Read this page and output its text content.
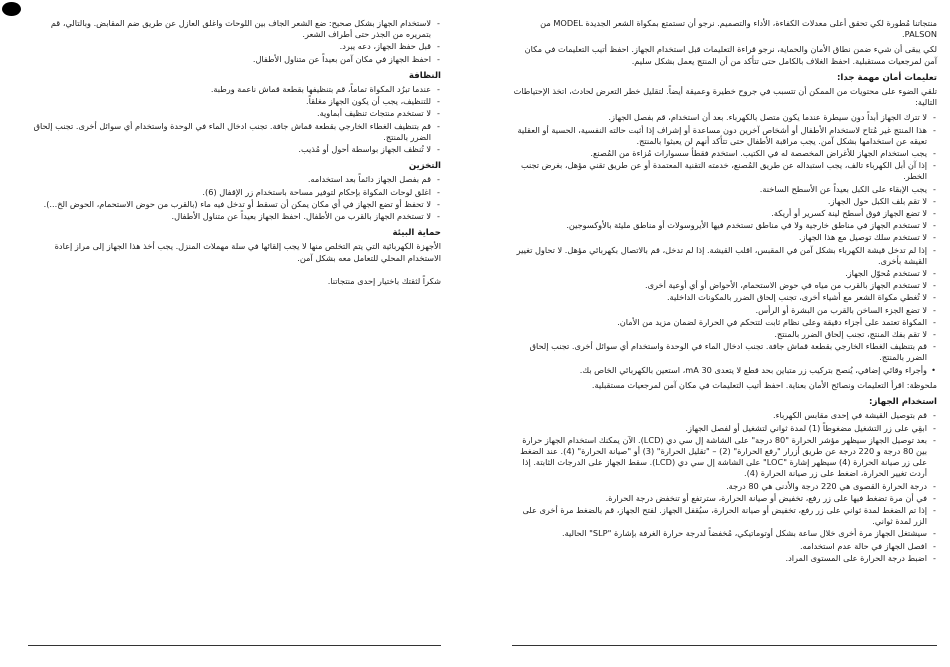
منتجاتنا مُطورة لكي تحقق أعلى معدلات الكفاءة، الأداء والتصميم. نرجو أن تستمتع بمكواة الشعر الجديدة MODEL من PALSON.

لكي يبقى أن شيء ضمن نطاق الأمان والحماية، نرجو قراءة التعليمات قبل استخدام الجهاز. احفظ أتيب التعليمات في مكان آمن لمرجعيات مستقبلية. احفظ الغلاف بالكامل حتى تتأكد من أن المنتج يعمل بشكل سليم.

تعليمات أمان مهمة جدا:

تلقي الضوء على محتويات من الممكن أن تتسبب في جروح خطيرة وعميقة أيضاً. لتقليل خطر التعرض لحادث، اتخذ الإحتياطات التالية:

- لا تترك الجهاز أبداً دون سيطرة عندما يكون متصل بالكهرباء. بعد أن استخدام، قم بفصل الجهاز.
- هذا المنتج غير مُتاح لاستخدام الأطفال أو أشخاص آخرين دون مساعدة أو إشراف إذا أثبت حالته النفسية، الحسية أو العقلية تعيقه عن استخدامها بشكل آمن. يجب مراقبة الأطفال حتى تتأكد أنهم لن يعبثوا بالمنتج.
- يجب استخدام الجهاز للأغراض المخصصة له في الكتيب. استخدم فقطأ سسوارات مُزاءة من المُصنع.
- إذا آن أبل الكهرباء تالف، يجب استبداله عن طريق المُصنع، خدمته التقنية المعتمدة أو عن طريق تقني مؤهل، بغرض تجنب الخطر.
- يجب الإبقاء على الكبل بعيداً عن الأسطح الساخنة.
- لا تقم بلف الكبل حول الجهاز.
- لا تضع الجهاز فوق أسطح لينة كسرير أو أريكة.
- لا تستخدم الجهاز في مناطق خارجية ولا في مناطق تستخدم فيها الأيروسولات أو مناطق مليئة بالأوكسوجين.
- لا تستخدم سلك توصيل مع هذا الجهاز.
- إذا لم تدخل قيشة الكهرباء بشكل آمن في المقبس، اقلب القيشة. إذا لم تدخل، قم بالاتصال بكهربائي مؤهل. لا تحاول تغيير القيشة بأخرى.
- لا تستخدم مُحوّل الجهاز.
- لا تستخدم الجهاز بالقرب من مياه في حوض الاستحمام، الأحواض أو أي أوعية أخرى.
- لا تُغطي مكواة الشعر مع أشياء أخرى، تجنب إلحاق الضرر بالمكونات الداخلية.
- لا تضع الجزء الساخن بالقرب من البشرة أو الرأس.
- المكواة تعتمد على أجزاء دقيقة وعلى نظام ثابت لتتحكم في الحرارة لضمان مزيد من الأمان.
- لا تقم بفك المنتج، تجنب إلحاق الضرر بالمنتج.
- قم بتنظيف الغطاء الخارجي بقطعة قماش جافة. تجنب ادخال الماء في الوحدة واستخدام أي سوائل أخرى. تجنب إلحاق الضرر بالمنتج.
• وأجراء وقائي إضافي، يُنصح بتركيب زر متباين بحد قطع لا يتعدى 30 mA، استعين بالكهربائي الخاص بك.

ملحوظة: اقرأ التعليمات ونصائح الأمان بعناية. احفظ أتيب التعليمات في مكان آمن لمرجعيات مستقبلية.

استخدام الجهاز:
- قم بتوصيل القيشة في إحدى مقابس الكهرباء.
- ابقِي على زر التشغيل مضغوطاً (1) لمدة ثواني لتشغيل أو لفصل الجهاز.
- بعد توصيل الجهاز سيظهر مؤشر الحرارة "80 درجة" على الشاشة إل سي دي (LCD). الآن يمكنك استخدام الجهاز حرارة بين 80 درجة و 220 درجة عن طريق أزرار "رفع الحرارة" (2) – "تقليل الحرارة" (3) أو "صيانة الحرارة" (4). عند الضغط على زر صيانة الحرارة (4) سيظهر إشارة "LOC" على الشاشة إل سي دي (LCD). سقط الجهاز على الدرجات الثابتة. إذا أردت تغيير الحرارة، اضغط على زر صيانة الحرارة (4).
- درجة الحرارة القصوى هي 220 درجة والأدنى هي 80 درجة.
- في أن مرة تضغط فيها على زر رفع، تخفيض أو صيانة الحرارة، سترتفع أو تنخفض درجة الحرارة.
- إذا تم الضغط لمدة ثواني على زر رفع، تخفيض أو صيانة الحرارة، سيُقفل الجهاز. لفتح الجهاز، قم بالضغط مرة أخرى على الزر لمدة ثواني.
- سيشتغل الجهاز مرة أخرى خلال ساعة بشكل أوتوماتيكي، مُخفضاً لدرجة حرارة الغرفة بإشارة "SLP" الحالية.
- افصل الجهاز في حالة عدم استخدامه.
- اضبط درجة الحرارة على المستوى المراد.
- لاستخدام الجهاز بشكل صحيح: ضع الشعر الجاف بين اللوحات واغلق العازل عن طريق ضم المقابض. وبالتالي، قم بتمريره من الجذر حتى أطراف الشعر.
- قبل حفظ الجهاز، دعه يبرد.
- احفظ الجهاز في مكان آمن بعيداً عن متناول الأطفال.
النظافة
- عندما تبرُد المكواة تماماً، قم بتنظيفها بقطعة قماش ناعمة ورطبة.
- للتنظيف، يجب أن يكون الجهاز مغلقاً.
- لا تستخدم منتجات تنظيف أبماوية.
- قم بتنظيف الغطاء الخارجي بقطعة قماش جافة. تجنب ادخال الماء في الوحدة واستخدام أي سوائل أخرى. تجنب إلحاق الضرر بالمنتج.
- لا تُنظف الجهاز بواسطة أحول أو مُذيب.
التخزين
- قم بفصل الجهاز دائماً بعد استخدامه.
- اغلق لوحات المكواة بإحكام لتوفير مساحة باستخدام زر الإقفال (6).
- لا تحفظ أو تضع الجهاز في أي مكان يمكن أن تسقط أو تدخل فيه ماء (بالقرب من حوض الاستحمام، الحوض الخ...).
- لا تستخدم الجهاز بالقرب من الأطفال. احفظ الجهاز بعيداً عن متناول الأطفال.
حماية البيئة

الأجهزة الكهربائية التي يتم التخلص منها لا يجب إلقائها في سلة مهملات المنزل. يجب أخذ هذا الجهاز إلى مراز إعادة الاستخدام المحلي للتعامل معه بشكل آمن.

شكراً لثقتك باختيار إحدى منتجاتنا.
